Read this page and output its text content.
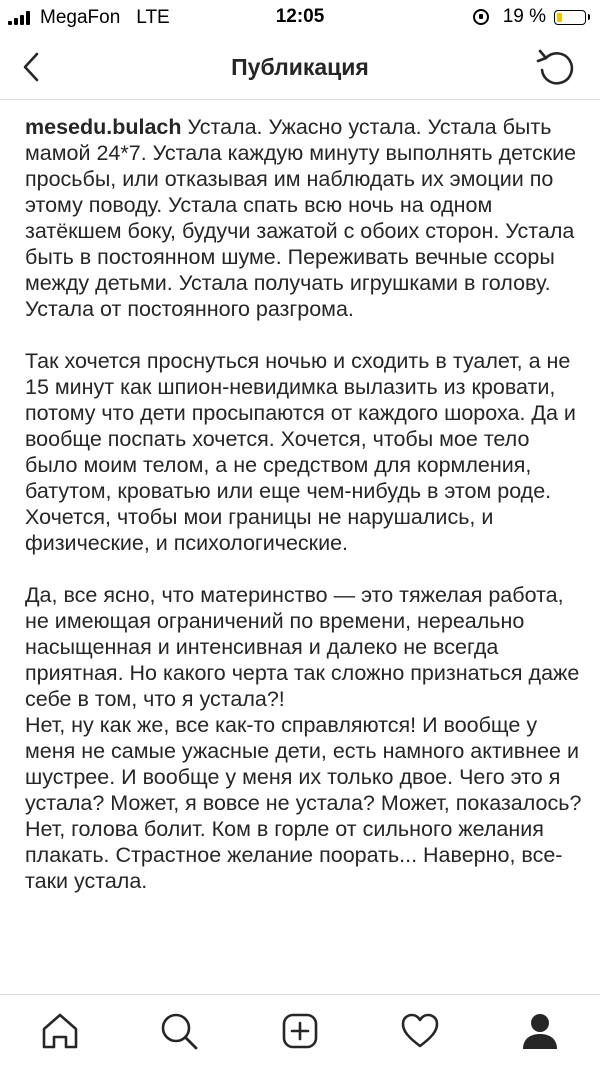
MegaFon LTE	12:05	19 %
Публикация

mesedu.bulach Устала. Ужасно устала. Устала быть мамой 24*7. Устала каждую минуту выполнять детские просьбы, или отказывая им наблюдать их эмоции по этому поводу. Устала спать всю ночь на одном затёкшем боку, будучи зажатой с обоих сторон. Устала быть в постоянном шуме. Переживать вечные ссоры между детьми. Устала получать игрушками в голову. Устала от постоянного разгрома.

Так хочется проснуться ночью и сходить в туалет, а не 15 минут как шпион-невидимка вылазить из кровати, потому что дети просыпаются от каждого шороха. Да и вообще поспать хочется. Хочется, чтобы мое тело было моим телом, а не средством для кормления, батутом, кроватью или еще чем-нибудь в этом роде. Хочется, чтобы мои границы не нарушались, и физические, и психологические.

Да, все ясно, что материнство — это тяжелая работа, не имеющая ограничений по времени, нереально насыщенная и интенсивная и далеко не всегда приятная. Но какого черта так сложно признаться даже себе в том, что я устала?!

Нет, ну как же, все как-то справляются! И вообще у меня не самые ужасные дети, есть намного активнее и шустрее. И вообще у меня их только двое. Чего это я устала? Может, я вовсе не устала? Может, показалось? Нет, голова болит. Ком в горле от сильного желания плакать. Страстное желание поорать... Наверно, все-таки устала.
